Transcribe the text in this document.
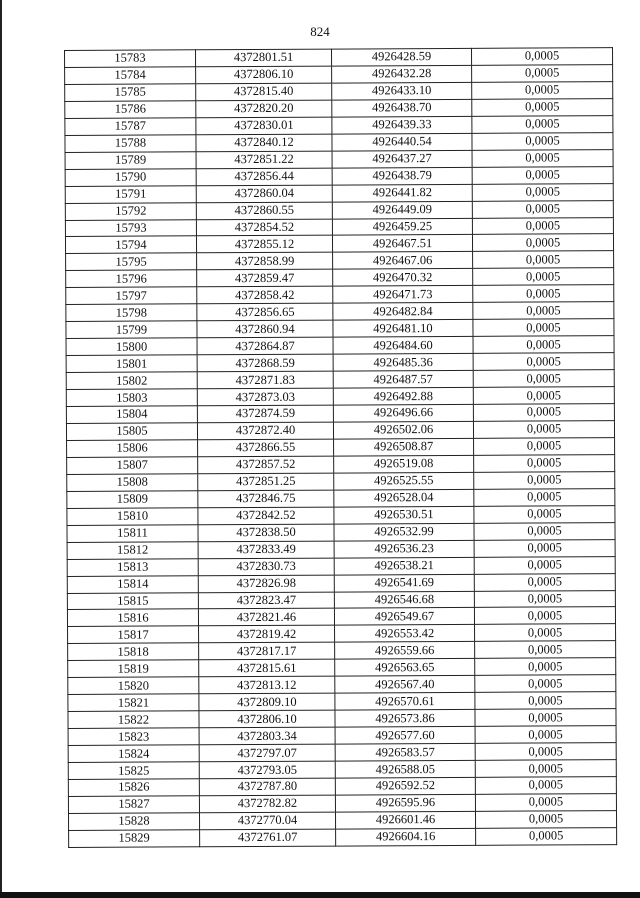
824
15783	4372801.51	4926428.59	0,0005
15784	4372806.10	4926432.28	0,0005
15785	4372815.40	4926433.10	0,0005
15786	4372820.20	4926438.70	0,0005
15787	4372830.01	4926439.33	0,0005
15788	4372840.12	4926440.54	0,0005
15789	4372851.22	4926437.27	0,0005
15790	4372856.44	4926438.79	0,0005
15791	4372860.04	4926441.82	0,0005
15792	4372860.55	4926449.09	0,0005
15793	4372854.52	4926459.25	0,0005
15794	4372855.12	4926467.51	0,0005
15795	4372858.99	4926467.06	0,0005
15796	4372859.47	4926470.32	0,0005
15797	4372858.42	4926471.73	0,0005
15798	4372856.65	4926482.84	0,0005
15799	4372860.94	4926481.10	0,0005
15800	4372864.87	4926484.60	0,0005
15801	4372868.59	4926485.36	0,0005
15802	4372871.83	4926487.57	0,0005
15803	4372873.03	4926492.88	0,0005
15804	4372874.59	4926496.66	0,0005
15805	4372872.40	4926502.06	0,0005
15806	4372866.55	4926508.87	0,0005
15807	4372857.52	4926519.08	0,0005
15808	4372851.25	4926525.55	0,0005
15809	4372846.75	4926528.04	0,0005
15810	4372842.52	4926530.51	0,0005
15811	4372838.50	4926532.99	0,0005
15812	4372833.49	4926536.23	0,0005
15813	4372830.73	4926538.21	0,0005
15814	4372826.98	4926541.69	0,0005
15815	4372823.47	4926546.68	0,0005
15816	4372821.46	4926549.67	0,0005
15817	4372819.42	4926553.42	0,0005
15818	4372817.17	4926559.66	0,0005
15819	4372815.61	4926563.65	0,0005
15820	4372813.12	4926567.40	0,0005
15821	4372809.10	4926570.61	0,0005
15822	4372806.10	4926573.86	0,0005
15823	4372803.34	4926577.60	0,0005
15824	4372797.07	4926583.57	0,0005
15825	4372793.05	4926588.05	0,0005
15826	4372787.80	4926592.52	0,0005
15827	4372782.82	4926595.96	0,0005
15828	4372770.04	4926601.46	0,0005
15829	4372761.07	4926604.16	0,0005
